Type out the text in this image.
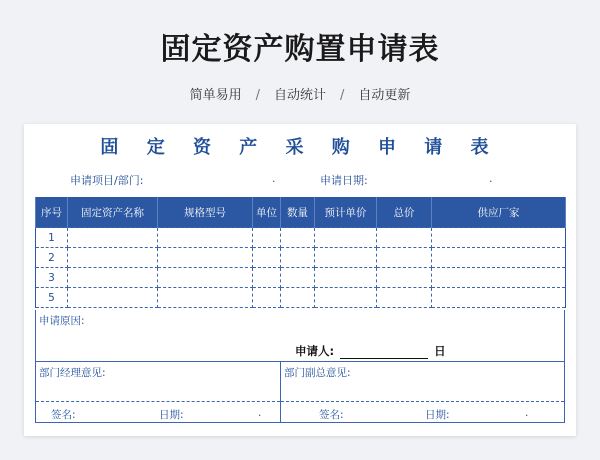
固定资产购置申请表
简单易用 / 自动统计 / 自动更新
固 定 资 产 采 购 申 请 表
申请项目/部门:	.	申请日期:	.
序号	固定资产名称	规格型号	单位	数量	预计单价	总价	供应厂家
1							
2							
3							
5							
申请原因:
申请人:	日
部门经理意见:
签名:	日期:	.
部门副总意见:
签名:	日期:	.
